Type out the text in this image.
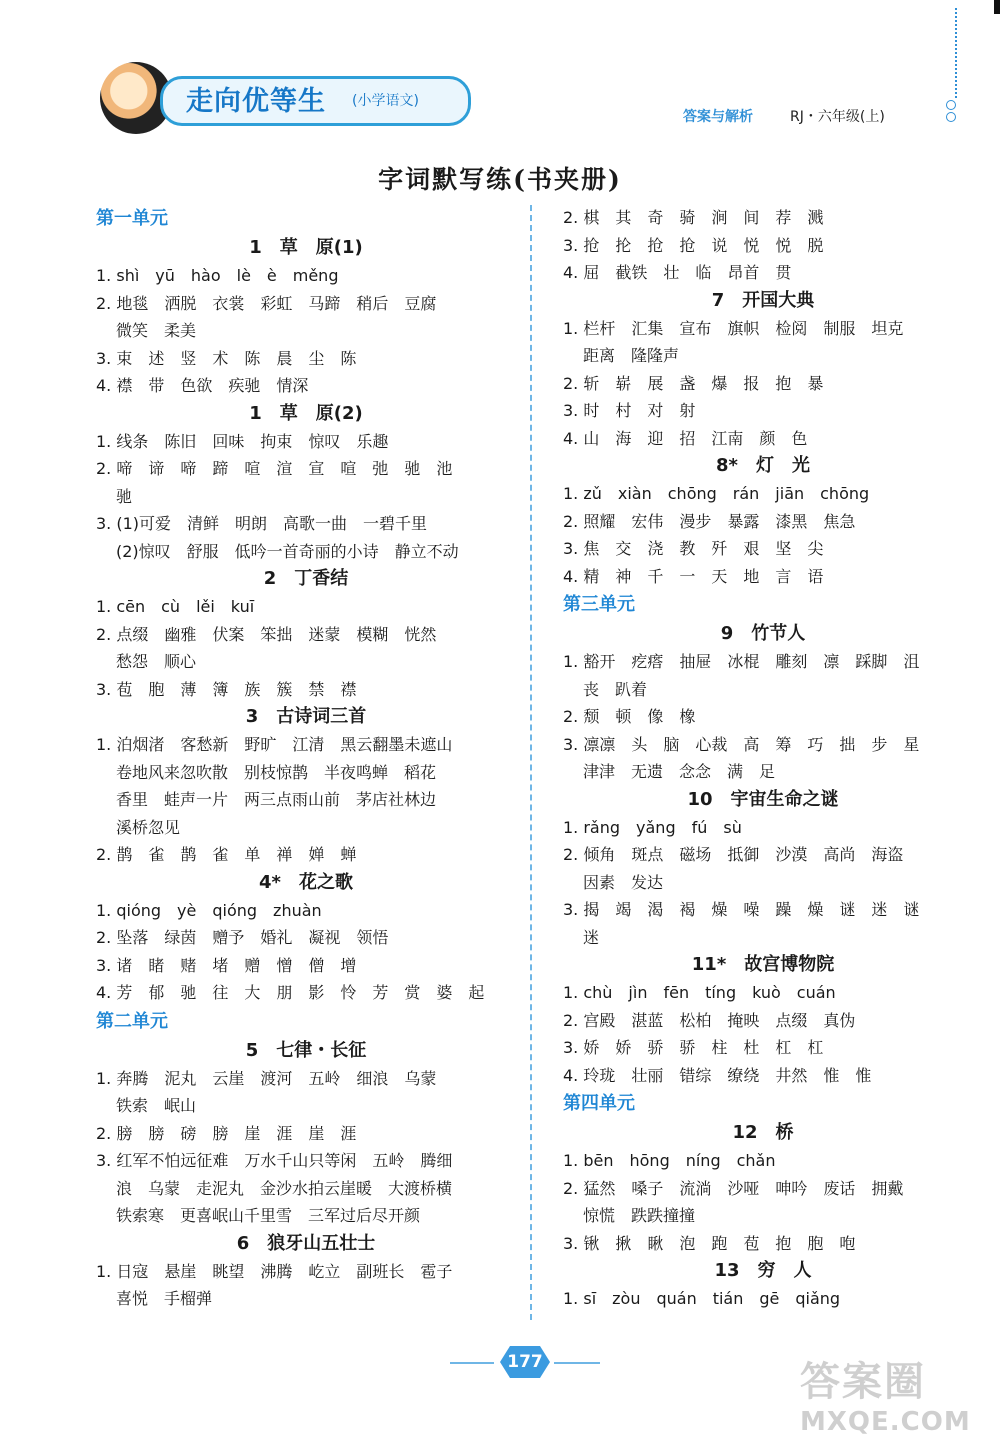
走向优等生 (小学语文)
答案与解析	RJ・六年级(上)
字词默写练(书夹册)
第一单元
1　草　原(1)
1. shì　yū　hào　lè　è　měng
2. 地毯　洒脱　衣裳　彩虹　马蹄　稍后　豆腐
微笑　柔美
3. 束　述　竖　术　陈　晨　尘　陈
4. 襟　带　色欲　疾驰　情深
1　草　原(2)
1. 线条　陈旧　回味　拘束　惊叹　乐趣
2. 啼　谛　啼　蹄　喧　渲　宣　喧　弛　驰　池
驰
3. (1)可爱　清鲜　明朗　高歌一曲　一碧千里
(2)惊叹　舒服　低吟一首奇丽的小诗　静立不动
2　丁香结
1. cēn　cù　lěi　kuī
2. 点缀　幽雅　伏案　笨拙　迷蒙　模糊　恍然
愁怨　顺心
3. 苞　胞　薄　簿　族　簇　禁　襟
3　古诗词三首
1. 泊烟渚　客愁新　野旷　江清　黑云翻墨未遮山
卷地风来忽吹散　别枝惊鹊　半夜鸣蝉　稻花
香里　蛙声一片　两三点雨山前　茅店社林边
溪桥忽见
2. 鹊　雀　鹊　雀　单　禅　婵　蝉
4*　花之歌
1. qióng　yè　qióng　zhuàn
2. 坠落　绿茵　赠予　婚礼　凝视　领悟
3. 诸　睹　赌　堵　赠　憎　僧　增
4. 芳　郁　驰　往　大　朋　影　怜　芳　赏　婆　起
第二单元
5　七律・长征
1. 奔腾　泥丸　云崖　渡河　五岭　细浪　乌蒙
铁索　岷山
2. 膀　膀　磅　膀　崖　涯　崖　涯
3. 红军不怕远征难　万水千山只等闲　五岭　腾细
浪　乌蒙　走泥丸　金沙水拍云崖暖　大渡桥横
铁索寒　更喜岷山千里雪　三军过后尽开颜
6　狼牙山五壮士
1. 日寇　悬崖　眺望　沸腾　屹立　副班长　雹子
喜悦　手榴弹
2. 棋　其　奇　骑　涧　间　荐　溅
3. 抢　抡　抢　抢　说　悦　悦　脱
4. 屈　截铁　壮　临　昂首　贯
7　开国大典
1. 栏杆　汇集　宣布　旗帜　检阅　制服　坦克
距离　隆隆声
2. 斩　崭　展　盏　爆　报　抱　暴
3. 时　村　对　射
4. 山　海　迎　招　江南　颜　色
8*　灯　光
1. zǔ　xiàn　chōng　rán　jiān　chōng
2. 照耀　宏伟　漫步　暴露　漆黑　焦急
3. 焦　交　浇　教　歼　艰　坚　尖
4. 精　神　千　一　天　地　言　语
第三单元
9　竹节人
1. 豁开　疙瘩　抽屉　冰棍　雕刻　凛　踩脚　沮
丧　趴着
2. 颓　顿　像　橡
3. 凛凛　头　脑　心裁　高　筹　巧　拙　步　星
津津　无遗　念念　满　足
10　宇宙生命之谜
1. rǎng　yǎng　fú　sù
2. 倾角　斑点　磁场　抵御　沙漠　高尚　海盗
因素　发达
3. 揭　竭　渴　褐　燥　噪　躁　燥　谜　迷　谜
迷
11*　故宫博物院
1. chù　jìn　fēn　tíng　kuò　cuán
2. 宫殿　湛蓝　松柏　掩映　点缀　真伪
3. 娇　娇　骄　骄　柱　杜　杠　杠
4. 玲珑　壮丽　错综　缭绕　井然　惟　惟
第四单元
12　桥
1. bēn　hōng　níng　chǎn
2. 猛然　嗓子　流淌　沙哑　呻吟　废话　拥戴
惊慌　跌跌撞撞
3. 锹　揪　瞅　泡　跑　苞　抱　胞　咆
13　穷　人
1. sī　zòu　quán　tián　gē　qiǎng
177	答案圈
MXQE.COM
